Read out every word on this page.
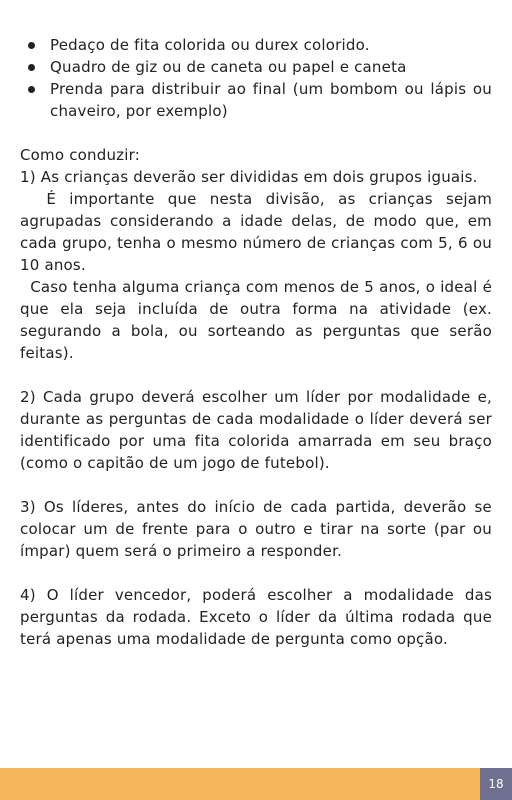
Pedaço de fita colorida ou durex colorido.
Quadro de giz ou de caneta ou papel e caneta
Prenda para distribuir ao final (um bombom ou lápis ou chaveiro, por exemplo)

Como conduzir:

1) As crianças deverão ser divididas em dois grupos iguais.

É importante que nesta divisão, as crianças sejam agrupadas considerando a idade delas, de modo que, em cada grupo, tenha o mesmo número de crianças com 5, 6 ou 10 anos.

Caso tenha alguma criança com menos de 5 anos, o ideal é que ela seja incluída de outra forma na atividade (ex. segurando a bola, ou sorteando as perguntas que serão feitas).

2) Cada grupo deverá escolher um líder por modalidade e, durante as perguntas de cada modalidade o líder deverá ser identificado por uma fita colorida amarrada em seu braço (como o capitão de um jogo de futebol).

3) Os líderes, antes do início de cada partida, deverão se colocar um de frente para o outro e tirar na sorte (par ou ímpar) quem será o primeiro a responder.

4) O líder vencedor, poderá escolher a modalidade das perguntas da rodada. Exceto o líder da última rodada que terá apenas uma modalidade de pergunta como opção.

18
